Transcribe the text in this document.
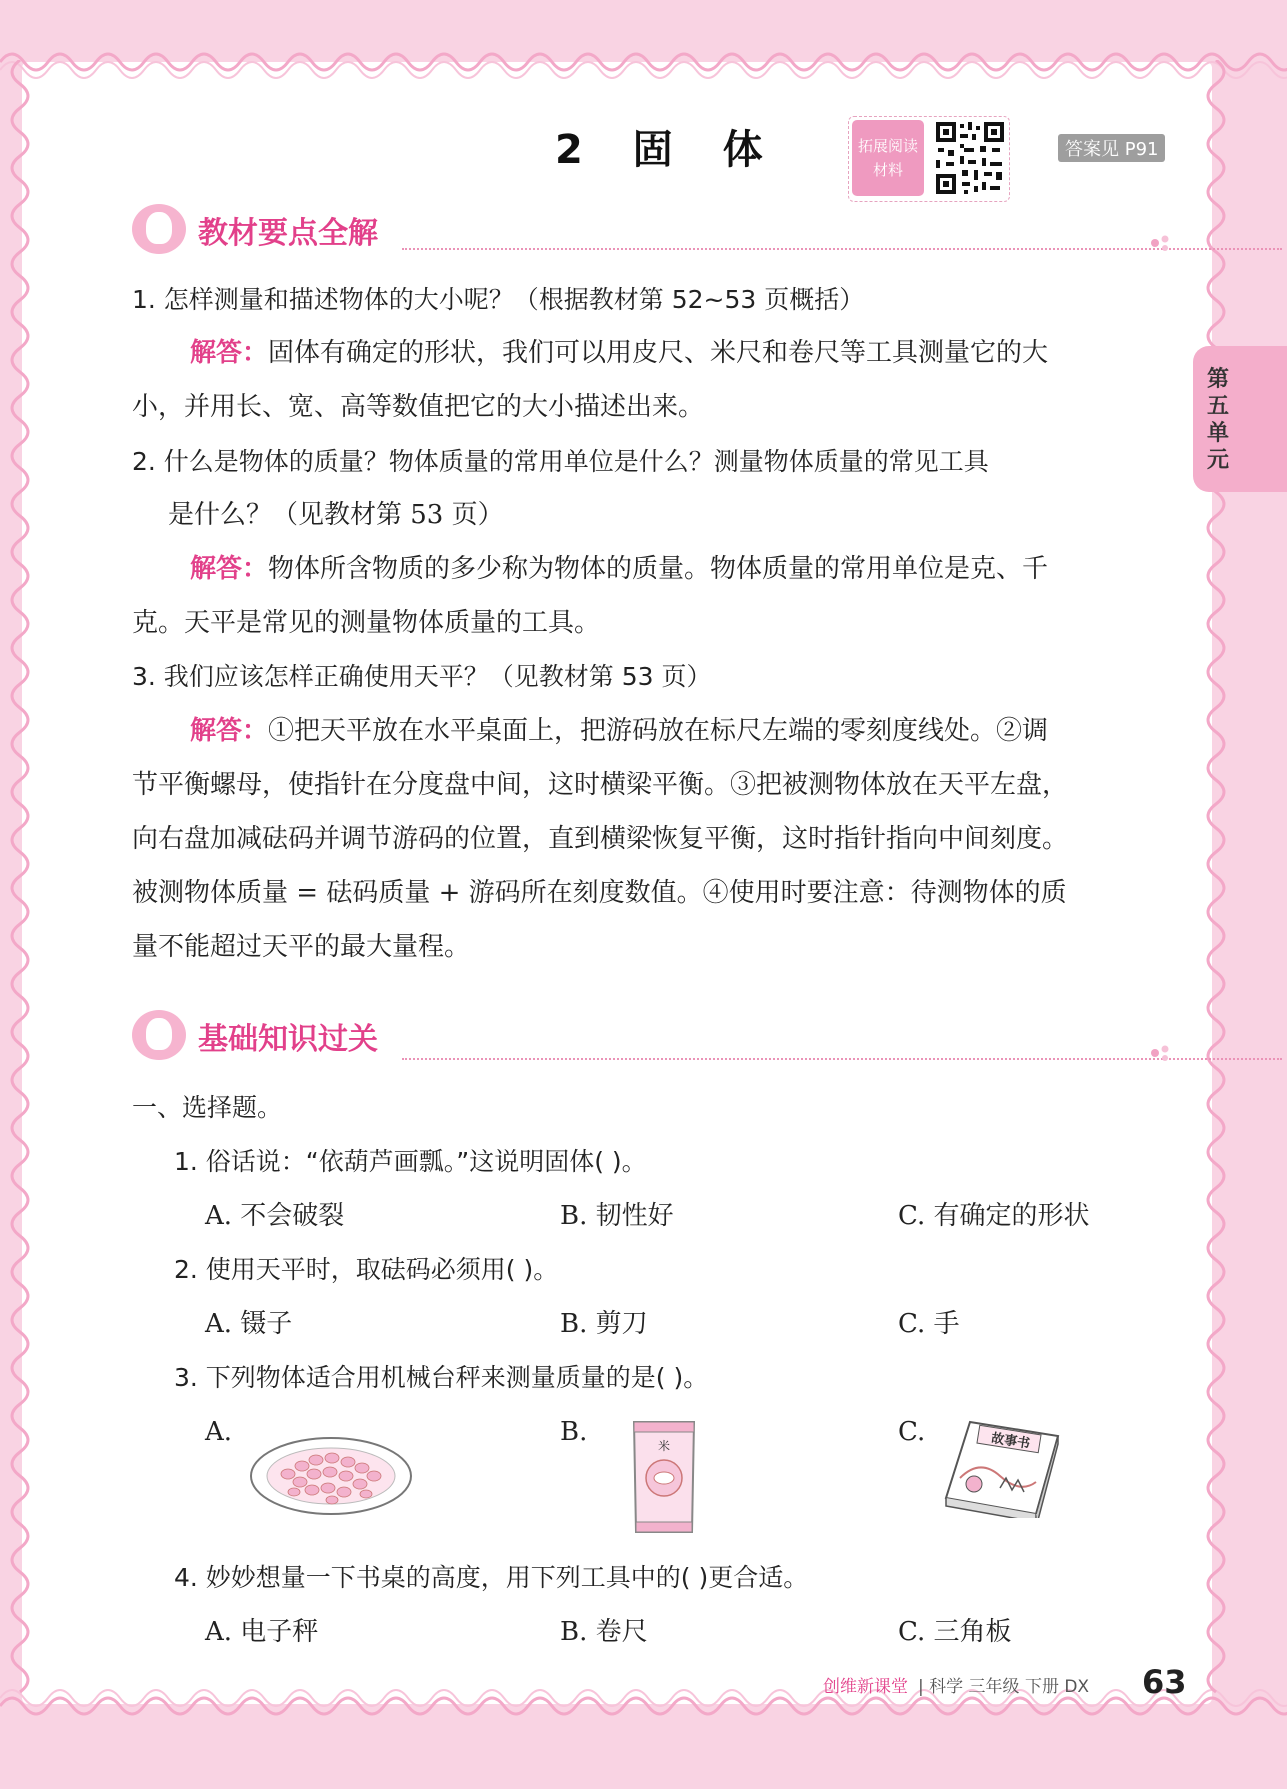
2 固 体	拓展阅读
材料
答案见 P91
第五单元
教材要点全解
1. 怎样测量和描述物体的大小呢？（根据教材第 52~53 页概括）
解答：固体有确定的形状，我们可以用皮尺、米尺和卷尺等工具测量它的大
小，并用长、宽、高等数值把它的大小描述出来。
2. 什么是物体的质量？物体质量的常用单位是什么？测量物体质量的常见工具
是什么？（见教材第 53 页）
解答：物体所含物质的多少称为物体的质量。物体质量的常用单位是克、千
克。天平是常见的测量物体质量的工具。
3. 我们应该怎样正确使用天平？（见教材第 53 页）
解答：①把天平放在水平桌面上，把游码放在标尺左端的零刻度线处。②调
节平衡螺母，使指针在分度盘中间，这时横梁平衡。③把被测物体放在天平左盘，
向右盘加减砝码并调节游码的位置，直到横梁恢复平衡，这时指针指向中间刻度。
被测物体质量 = 砝码质量 + 游码所在刻度数值。④使用时要注意：待测物体的质
量不能超过天平的最大量程。
基础知识过关
一、选择题。
1. 俗话说：“依葫芦画瓢。”这说明固体( )。
A. 不会破裂	B. 韧性好	C. 有确定的形状
2. 使用天平时，取砝码必须用( )。
A. 镊子	B. 剪刀	C. 手
3. 下列物体适合用机械台秤来测量质量的是( )。
A.	B.	C.
米	故事书
4. 妙妙想量一下书桌的高度，用下列工具中的( )更合适。
A. 电子秤	B. 卷尺	C. 三角板
创维新课堂 | 科学 三年级 下册 DX 63
